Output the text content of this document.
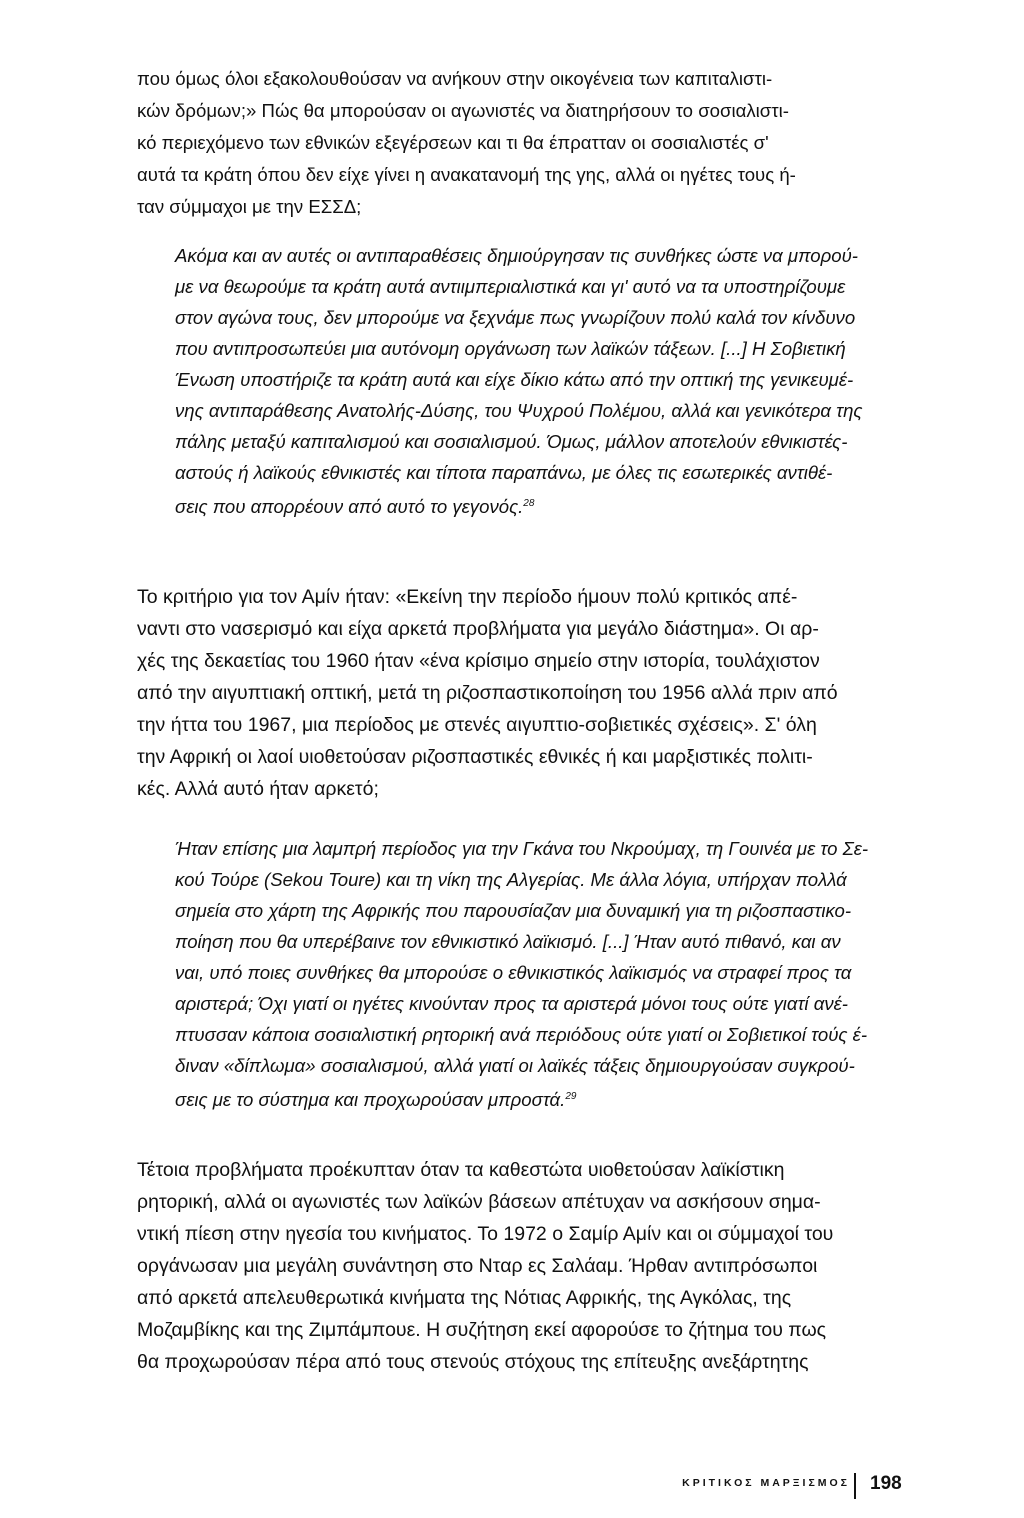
που όμως όλοι εξακολουθούσαν να ανήκουν στην οικογένεια των καπιταλιστι-
κών δρόμων;» Πώς θα μπορούσαν οι αγωνιστές να διατηρήσουν το σοσιαλιστι-
κό περιεχόμενο των εθνικών εξεγέρσεων και τι θα έπρατταν οι σοσιαλιστές σ'
αυτά τα κράτη όπου δεν είχε γίνει η ανακατανομή της γης, αλλά οι ηγέτες τους ή-
ταν σύμμαχοι με την ΕΣΣΔ;
Ακόμα και αν αυτές οι αντιπαραθέσεις δημιούργησαν τις συνθήκες ώστε να μπορού-
με να θεωρούμε τα κράτη αυτά αντιιμπεριαλιστικά και γι' αυτό να τα υποστηρίζουμε
στον αγώνα τους, δεν μπορούμε να ξεχνάμε πως γνωρίζουν πολύ καλά τον κίνδυνο
που αντιπροσωπεύει μια αυτόνομη οργάνωση των λαϊκών τάξεων. [...] Η Σοβιετική
Ένωση υποστήριζε τα κράτη αυτά και είχε δίκιο κάτω από την οπτική της γενικευμέ-
νης αντιπαράθεσης Ανατολής-Δύσης, του Ψυχρού Πολέμου, αλλά και γενικότερα της
πάλης μεταξύ καπιταλισμού και σοσιαλισμού. Όμως, μάλλον αποτελούν εθνικιστές-
αστούς ή λαϊκούς εθνικιστές και τίποτα παραπάνω, με όλες τις εσωτερικές αντιθέ-
σεις που απορρέουν από αυτό το γεγονός.$^{28}$
Το κριτήριο για τον Αμίν ήταν: «Εκείνη την περίοδο ήμουν πολύ κριτικός απέ-
ναντι στο νασερισμό και είχα αρκετά προβλήματα για μεγάλο διάστημα». Οι αρ-
χές της δεκαετίας του 1960 ήταν «ένα κρίσιμο σημείο στην ιστορία, τουλάχιστον
από την αιγυπτιακή οπτική, μετά τη ριζοσπαστικοποίηση του 1956 αλλά πριν από
την ήττα του 1967, μια περίοδος με στενές αιγυπτιο-σοβιετικές σχέσεις». Σ' όλη
την Αφρική οι λαοί υιοθετούσαν ριζοσπαστικές εθνικές ή και μαρξιστικές πολιτι-
κές. Αλλά αυτό ήταν αρκετό;
Ήταν επίσης μια λαμπρή περίοδος για την Γκάνα του Νκρούμαχ, τη Γουινέα με το Σε-
κού Τούρε (Sekou Toure) και τη νίκη της Αλγερίας. Με άλλα λόγια, υπήρχαν πολλά
σημεία στο χάρτη της Αφρικής που παρουσίαζαν μια δυναμική για τη ριζοσπαστικο-
ποίηση που θα υπερέβαινε τον εθνικιστικό λαϊκισμό. [...] Ήταν αυτό πιθανό, και αν
ναι, υπό ποιες συνθήκες θα μπορούσε ο εθνικιστικός λαϊκισμός να στραφεί προς τα
αριστερά; Όχι γιατί οι ηγέτες κινούνταν προς τα αριστερά μόνοι τους ούτε γιατί ανέ-
πτυσσαν κάποια σοσιαλιστική ρητορική ανά περιόδους ούτε γιατί οι Σοβιετικοί τούς έ-
διναν «δίπλωμα» σοσιαλισμού, αλλά γιατί οι λαϊκές τάξεις δημιουργούσαν συγκρού-
σεις με το σύστημα και προχωρούσαν μπροστά.$^{29}$
Τέτοια προβλήματα προέκυπταν όταν τα καθεστώτα υιοθετούσαν λαϊκίστικη
ρητορική, αλλά οι αγωνιστές των λαϊκών βάσεων απέτυχαν να ασκήσουν σημα-
ντική πίεση στην ηγεσία του κινήματος. Το 1972 ο Σαμίρ Αμίν και οι σύμμαχοί του
οργάνωσαν μια μεγάλη συνάντηση στο Νταρ ες Σαλάαμ. Ήρθαν αντιπρόσωποι
από αρκετά απελευθερωτικά κινήματα της Νότιας Αφρικής, της Αγκόλας, της
Μοζαμβίκης και της Ζιμπάμπουε. Η συζήτηση εκεί αφορούσε το ζήτημα του πως
θα προχωρούσαν πέρα από τους στενούς στόχους της επίτευξης ανεξάρτητης
ΚΡΙΤΙΚΟΣ ΜΑΡΞΙΣΜΟΣ 198
